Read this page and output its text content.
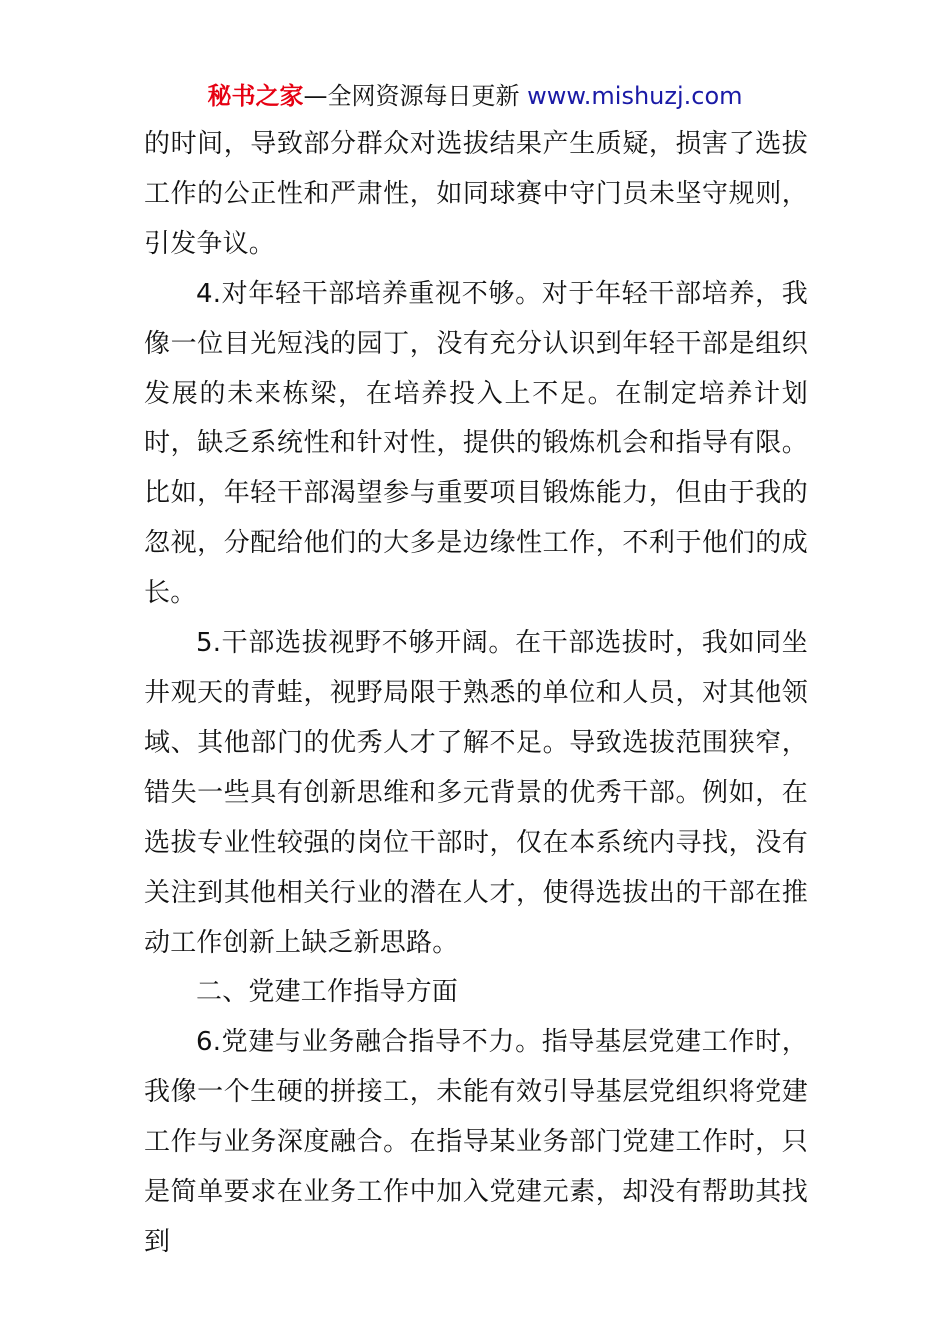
秘书之家—全网资源每日更新 www.mishuzj.com

的时间，导致部分群众对选拔结果产生质疑，损害了选拔工作的公正性和严肃性，如同球赛中守门员未坚守规则，引发争议。

4.对年轻干部培养重视不够。对于年轻干部培养，我像一位目光短浅的园丁，没有充分认识到年轻干部是组织发展的未来栋梁，在培养投入上不足。在制定培养计划时，缺乏系统性和针对性，提供的锻炼机会和指导有限。比如，年轻干部渴望参与重要项目锻炼能力，但由于我的忽视，分配给他们的大多是边缘性工作，不利于他们的成长。

5.干部选拔视野不够开阔。在干部选拔时，我如同坐井观天的青蛙，视野局限于熟悉的单位和人员，对其他领域、其他部门的优秀人才了解不足。导致选拔范围狭窄，错失一些具有创新思维和多元背景的优秀干部。例如，在选拔专业性较强的岗位干部时，仅在本系统内寻找，没有关注到其他相关行业的潜在人才，使得选拔出的干部在推动工作创新上缺乏新思路。

二、党建工作指导方面

6.党建与业务融合指导不力。指导基层党建工作时，我像一个生硬的拼接工，未能有效引导基层党组织将党建工作与业务深度融合。在指导某业务部门党建工作时，只是简单要求在业务工作中加入党建元素，却没有帮助其找到
